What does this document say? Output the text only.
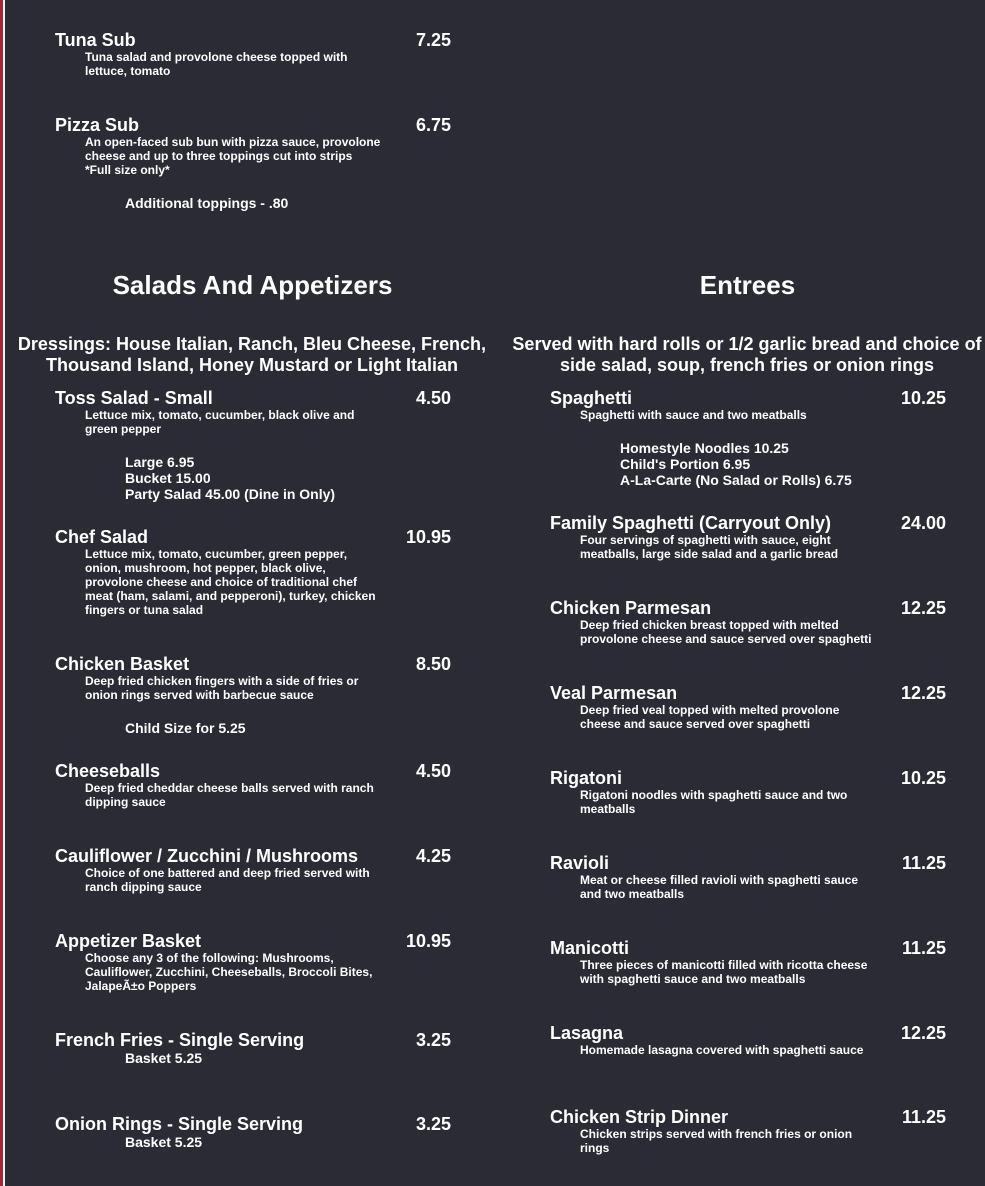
Tuna Sub	7.25
Tuna salad and provolone cheese topped with lettuce, tomato
Pizza Sub	6.75
An open-faced sub bun with pizza sauce, provolone cheese and up to three toppings cut into strips
*Full size only*
Additional toppings - .80
Salads And Appetizers	Entrees
Dressings: House Italian, Ranch, Bleu Cheese, French, Thousand Island, Honey Mustard or Light Italian
Served with hard rolls or 1/2 garlic bread and choice of side salad, soup, french fries or onion rings
Toss Salad - Small	4.50
Lettuce mix, tomato, cucumber, black olive and green pepper
Large 6.95
Bucket 15.00
Party Salad 45.00 (Dine in Only)
Chef Salad	10.95
Lettuce mix, tomato, cucumber, green pepper, onion, mushroom, hot pepper, black olive, provolone cheese and choice of traditional chef meat (ham, salami, and pepperoni), turkey, chicken fingers or tuna salad
Chicken Basket	8.50
Deep fried chicken fingers with a side of fries or onion rings served with barbecue sauce
Child Size for 5.25
Cheeseballs	4.50
Deep fried cheddar cheese balls served with ranch dipping sauce
Cauliflower / Zucchini / Mushrooms	4.25
Choice of one battered and deep fried served with ranch dipping sauce
Appetizer Basket	10.95
Choose any 3 of the following: Mushrooms, Cauliflower, Zucchini, Cheeseballs, Broccoli Bites, JalapeÃ±o Poppers
French Fries - Single Serving	3.25
Basket 5.25
Onion Rings - Single Serving	3.25
Basket 5.25
Spaghetti	10.25
Spaghetti with sauce and two meatballs
Homestyle Noodles 10.25
Child's Portion 6.95
A-La-Carte (No Salad or Rolls) 6.75
Family Spaghetti (Carryout Only)	24.00
Four servings of spaghetti with sauce, eight meatballs, large side salad and a garlic bread
Chicken Parmesan	12.25
Deep fried chicken breast topped with melted provolone cheese and sauce served over spaghetti
Veal Parmesan	12.25
Deep fried veal topped with melted provolone cheese and sauce served over spaghetti
Rigatoni	10.25
Rigatoni noodles with spaghetti sauce and two meatballs
Ravioli	11.25
Meat or cheese filled ravioli with spaghetti sauce and two meatballs
Manicotti	11.25
Three pieces of manicotti filled with ricotta cheese with spaghetti sauce and two meatballs
Lasagna	12.25
Homemade lasagna covered with spaghetti sauce
Chicken Strip Dinner	11.25
Chicken strips served with french fries or onion rings
